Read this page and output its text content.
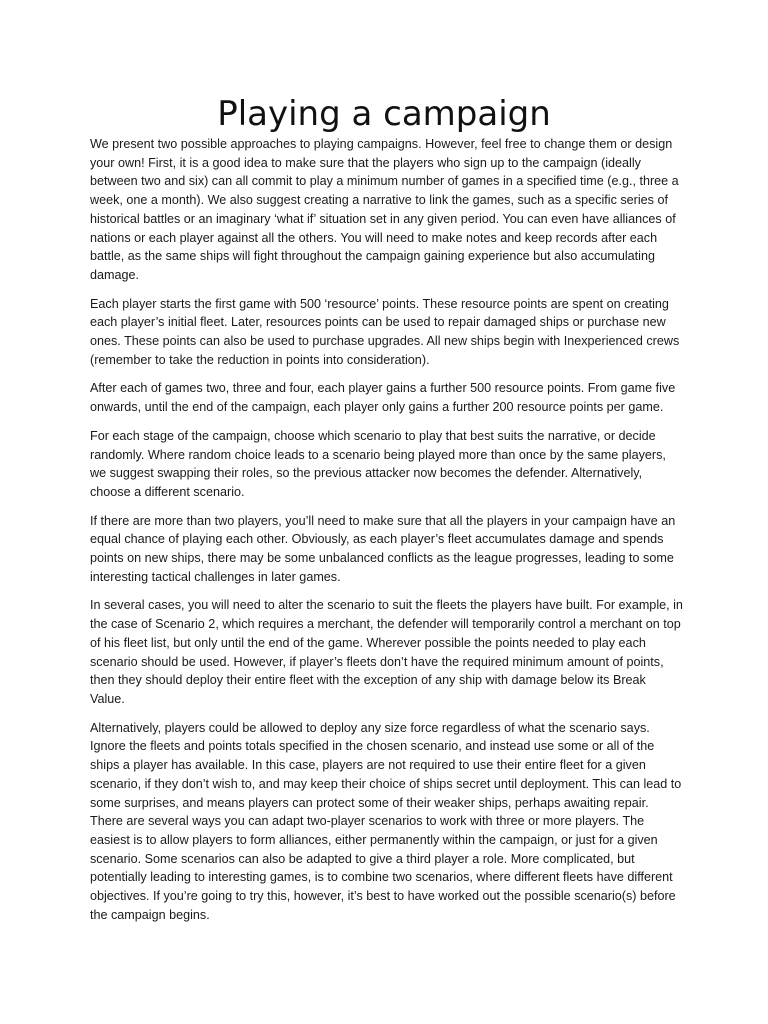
Playing a campaign

We present two possible approaches to playing campaigns. However, feel free to change them or design your own! First, it is a good idea to make sure that the players who sign up to the campaign (ideally between two and six) can all commit to play a minimum number of games in a specified time (e.g., three a week, one a month). We also suggest creating a narrative to link the games, such as a specific series of historical battles or an imaginary ‘what if’ situation set in any given period. You can even have alliances of nations or each player against all the others. You will need to make notes and keep records after each battle, as the same ships will fight throughout the campaign gaining experience but also accumulating damage.

Each player starts the first game with 500 ‘resource’ points. These resource points are spent on creating each player’s initial fleet. Later, resources points can be used to repair damaged ships or purchase new ones. These points can also be used to purchase upgrades. All new ships begin with Inexperienced crews (remember to take the reduction in points into consideration).

After each of games two, three and four, each player gains a further 500 resource points. From game five onwards, until the end of the campaign, each player only gains a further 200 resource points per game.

For each stage of the campaign, choose which scenario to play that best suits the narrative, or decide randomly. Where random choice leads to a scenario being played more than once by the same players, we suggest swapping their roles, so the previous attacker now becomes the defender. Alternatively, choose a different scenario.

If there are more than two players, you’ll need to make sure that all the players in your campaign have an equal chance of playing each other. Obviously, as each player’s fleet accumulates damage and spends points on new ships, there may be some unbalanced conflicts as the league progresses, leading to some interesting tactical challenges in later games.

In several cases, you will need to alter the scenario to suit the fleets the players have built. For example, in the case of Scenario 2, which requires a merchant, the defender will temporarily control a merchant on top of his fleet list, but only until the end of the game. Wherever possible the points needed to play each scenario should be used. However, if player’s fleets don’t have the required minimum amount of points, then they should deploy their entire fleet with the exception of any ship with damage below its Break Value.

Alternatively, players could be allowed to deploy any size force regardless of what the scenario says. Ignore the fleets and points totals specified in the chosen scenario, and instead use some or all of the ships a player has available. In this case, players are not required to use their entire fleet for a given scenario, if they don’t wish to, and may keep their choice of ships secret until deployment. This can lead to some surprises, and means players can protect some of their weaker ships, perhaps awaiting repair. There are several ways you can adapt two-player scenarios to work with three or more players. The easiest is to allow players to form alliances, either permanently within the campaign, or just for a given scenario. Some scenarios can also be adapted to give a third player a role. More complicated, but potentially leading to interesting games, is to combine two scenarios, where different fleets have different objectives. If you’re going to try this, however, it’s best to have worked out the possible scenario(s) before the campaign begins.
